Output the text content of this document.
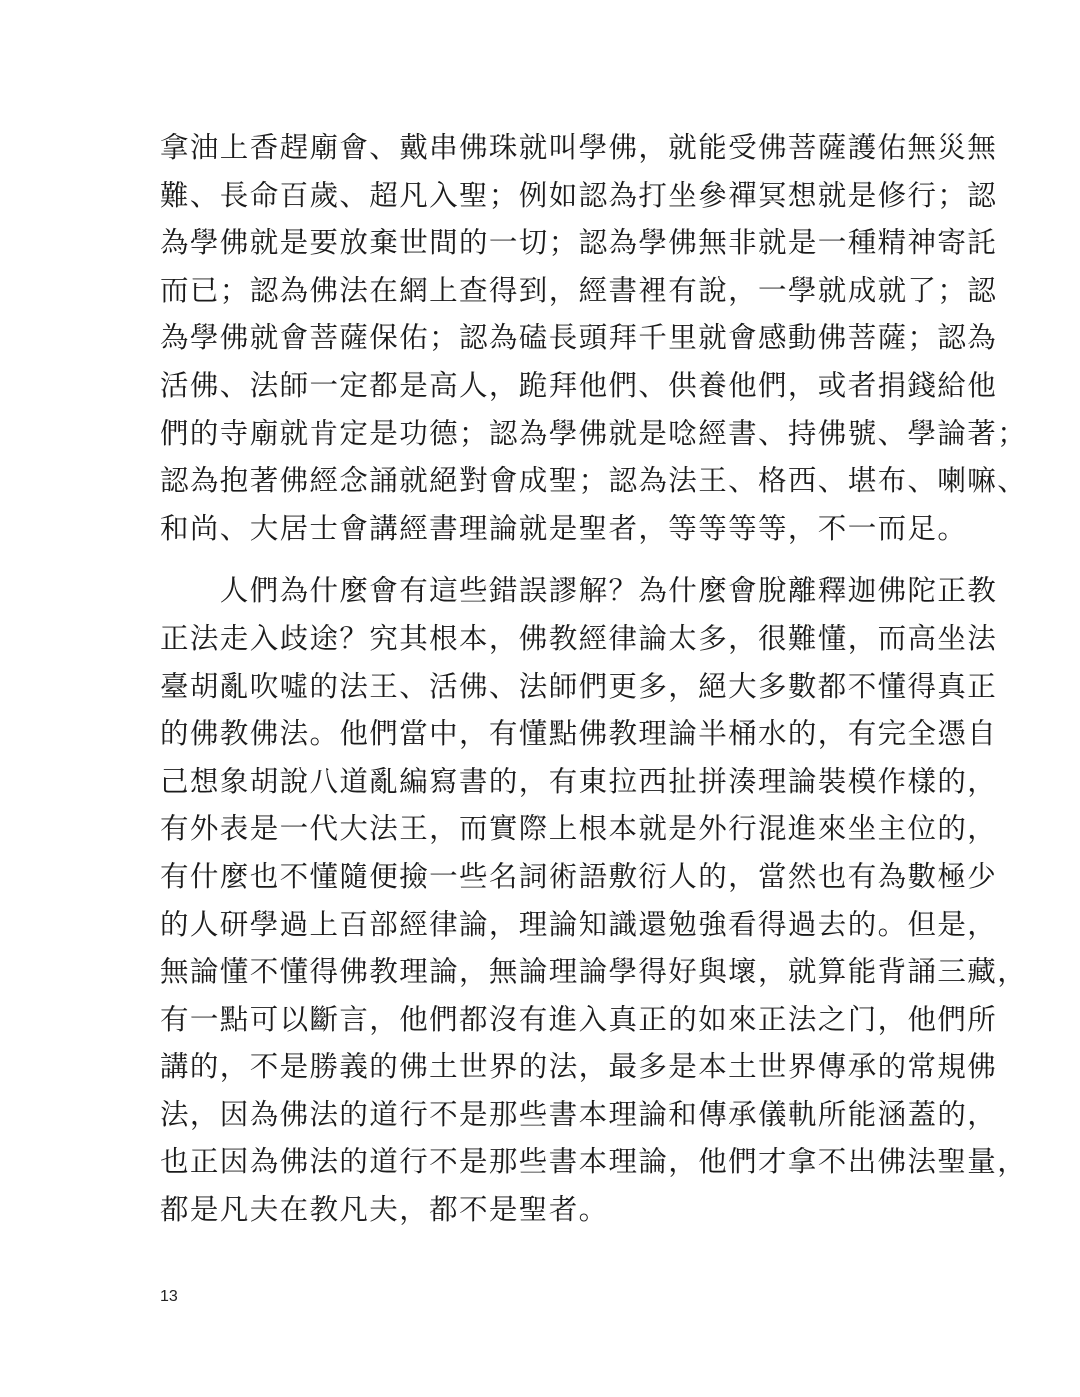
拿油上香趕廟會、戴串佛珠就叫學佛，就能受佛菩薩護佑無災無
難、長命百歲、超凡入聖；例如認為打坐參禪冥想就是修行；認
為學佛就是要放棄世間的一切；認為學佛無非就是一種精神寄託
而已；認為佛法在網上查得到，經書裡有說，一學就成就了；認
為學佛就會菩薩保佑；認為磕長頭拜千里就會感動佛菩薩；認為
活佛、法師一定都是高人，跪拜他們、供養他們，或者捐錢給他
們的寺廟就肯定是功德；認為學佛就是唸經書、持佛號、學論著；
認為抱著佛經念誦就絕對會成聖；認為法王、格西、堪布、喇嘛、
和尚、大居士會講經書理論就是聖者，等等等等，不一而足。

　　人們為什麼會有這些錯誤謬解？為什麼會脫離釋迦佛陀正教
正法走入歧途？究其根本，佛教經律論太多，很難懂，而高坐法
臺胡亂吹噓的法王、活佛、法師們更多，絕大多數都不懂得真正
的佛教佛法。他們當中，有懂點佛教理論半桶水的，有完全憑自
己想象胡說八道亂編寫書的，有東拉西扯拼湊理論裝模作樣的，
有外表是一代大法王，而實際上根本就是外行混進來坐主位的，
有什麼也不懂隨便撿一些名詞術語敷衍人的，當然也有為數極少
的人研學過上百部經律論，理論知識還勉強看得過去的。但是，
無論懂不懂得佛教理論，無論理論學得好與壞，就算能背誦三藏，
有一點可以斷言，他們都沒有進入真正的如來正法之门，他們所
講的，不是勝義的佛土世界的法，最多是本土世界傳承的常規佛
法，因為佛法的道行不是那些書本理論和傳承儀軌所能涵蓋的，
也正因為佛法的道行不是那些書本理論，他們才拿不出佛法聖量，
都是凡夫在教凡夫，都不是聖者。

13
